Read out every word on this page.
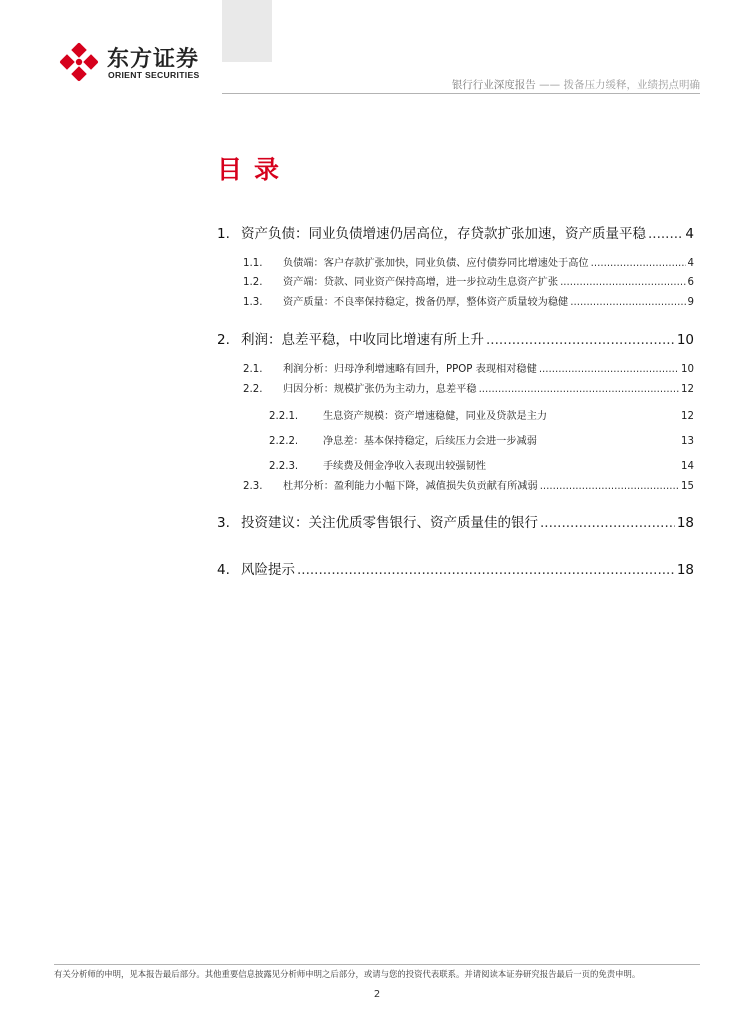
东方证券
ORIENT SECURITIES
银行行业深度报告 —— 拨备压力缓释，业绩拐点明确
目录
1. 资产负债：同业负债增速仍居高位，存贷款扩张加速，资产质量平稳 .....	4
1.1.	负债端：客户存款扩张加快，同业负债、应付债券同比增速处于高位 .....	4
1.2.	资产端：贷款、同业资产保持高增，进一步拉动生息资产扩张 .....	6
1.3.	资产质量：不良率保持稳定，拨备仍厚，整体资产质量较为稳健 .....	9
2. 利润：息差平稳，中收同比增速有所上升 .....	10
2.1.	利润分析：归母净利增速略有回升，PPOP 表现相对稳健 .....	10
2.2.	归因分析：规模扩张仍为主动力，息差平稳 .....	12
2.2.1.	生息资产规模：资产增速稳健，同业及贷款是主力	12
2.2.2.	净息差：基本保持稳定，后续压力会进一步减弱	13
2.2.3.	手续费及佣金净收入表现出较强韧性	14
2.3.	杜邦分析：盈利能力小幅下降，减值损失负贡献有所减弱 .....	15
3. 投资建议：关注优质零售银行、资产质量佳的银行 .....	18
4. 风险提示 .....	18
有关分析师的申明，见本报告最后部分。其他重要信息披露见分析师申明之后部分，或请与您的投资代表联系。并请阅读本证券研究报告最后一页的免责申明。
2
